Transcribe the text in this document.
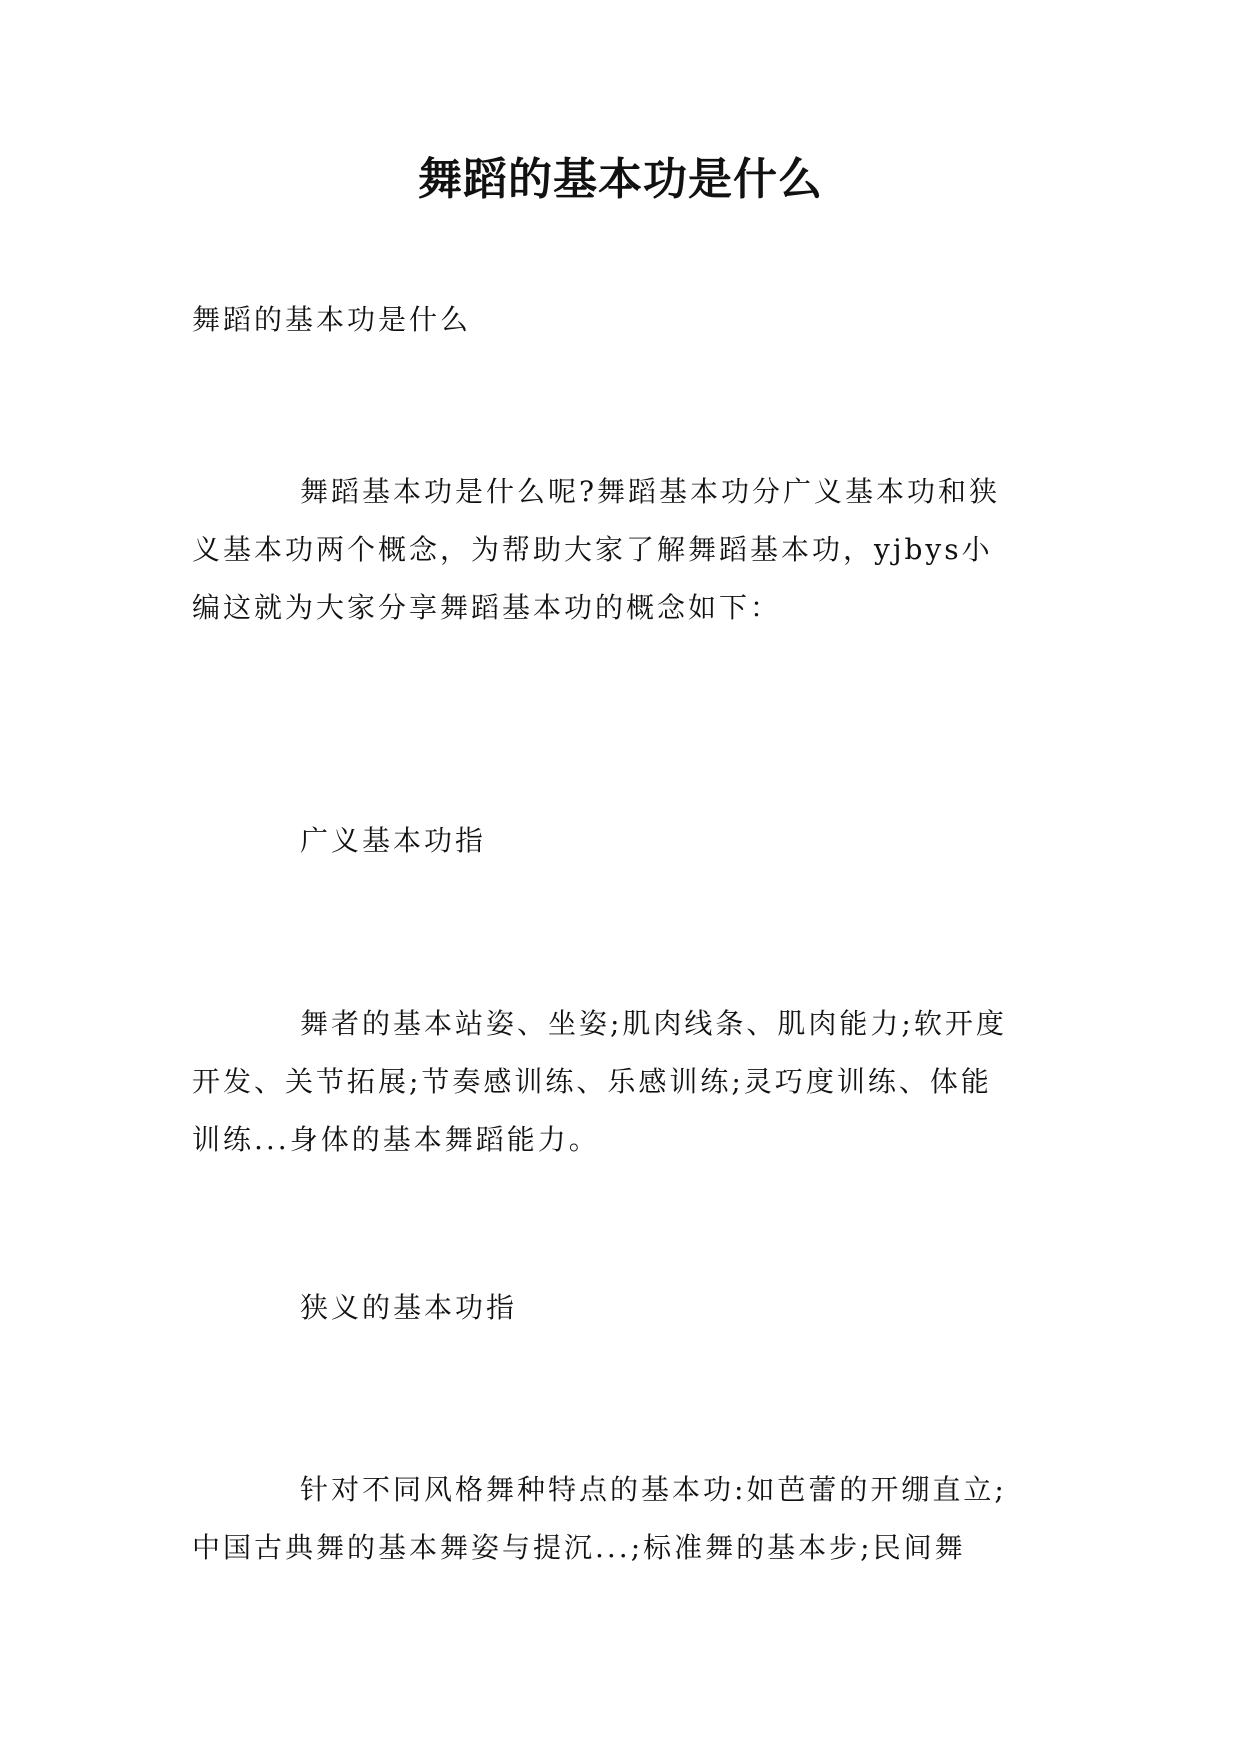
舞蹈的基本功是什么

舞蹈的基本功是什么

舞蹈基本功是什么呢?舞蹈基本功分广义基本功和狭
义基本功两个概念，为帮助大家了解舞蹈基本功，yjbys小
编这就为大家分享舞蹈基本功的概念如下：

广义基本功指

舞者的基本站姿、坐姿;肌肉线条、肌肉能力;软开度
开发、关节拓展;节奏感训练、乐感训练;灵巧度训练、体能
训练...身体的基本舞蹈能力。

狭义的基本功指

针对不同风格舞种特点的基本功:如芭蕾的开绷直立;
中国古典舞的基本舞姿与提沉...;标准舞的基本步;民间舞
